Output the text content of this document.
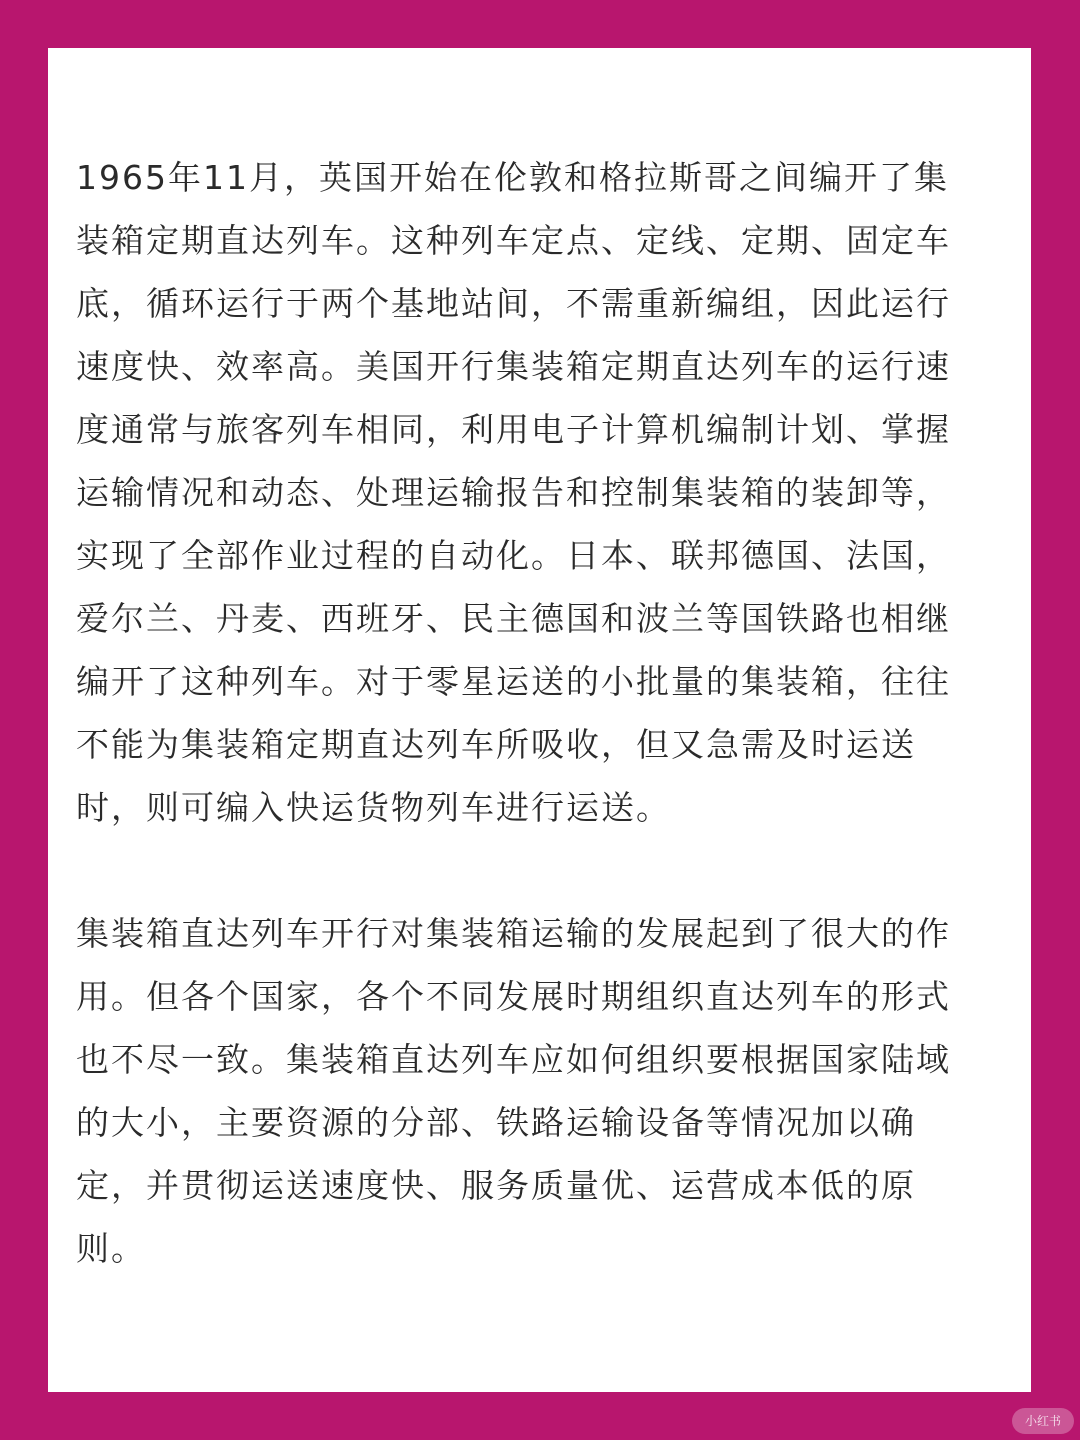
1965年11月，英国开始在伦敦和格拉斯哥之间编开了集
装箱定期直达列车。这种列车定点、定线、定期、固定车
底，循环运行于两个基地站间，不需重新编组，因此运行
速度快、效率高。美国开行集装箱定期直达列车的运行速
度通常与旅客列车相同，利用电子计算机编制计划、掌握
运输情况和动态、处理运输报告和控制集装箱的装卸等，
实现了全部作业过程的自动化。日本、联邦德国、法国，
爱尔兰、丹麦、西班牙、民主德国和波兰等国铁路也相继
编开了这种列车。对于零星运送的小批量的集装箱，往往
不能为集装箱定期直达列车所吸收，但又急需及时运送
时，则可编入快运货物列车进行运送。

集装箱直达列车开行对集装箱运输的发展起到了很大的作
用。但各个国家，各个不同发展时期组织直达列车的形式
也不尽一致。集装箱直达列车应如何组织要根据国家陆域
的大小，主要资源的分部、铁路运输设备等情况加以确
定，并贯彻运送速度快、服务质量优、运营成本低的原
则。

小红书
